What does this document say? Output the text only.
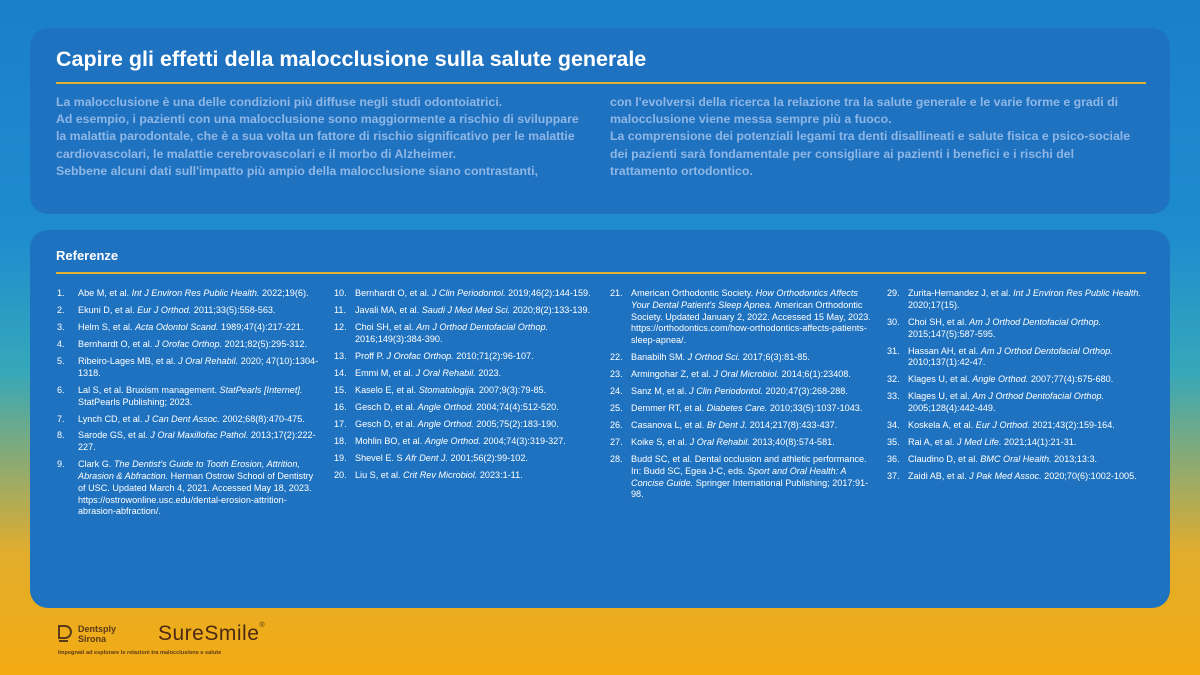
Capire gli effetti della malocclusione sulla salute generale

La malocclusione è una delle condizioni più diffuse negli studi odontoiatrici.

Ad esempio, i pazienti con una malocclusione sono maggiormente a rischio di sviluppare la malattia parodontale, che è a sua volta un fattore di rischio significativo per le malattie cardiovascolari, le malattie cerebrovascolari e il morbo di Alzheimer.

Sebbene alcuni dati sull'impatto più ampio della malocclusione siano contrastanti,

con l'evolversi della ricerca la relazione tra la salute generale e le varie forme e gradi di malocclusione viene messa sempre più a fuoco.

La comprensione dei potenziali legami tra denti disallineati e salute fisica e psico-sociale dei pazienti sarà fondamentale per consigliare ai pazienti i benefici e i rischi del trattamento ortodontico.

Referenze
1.	Abe M, et al. Int J Environ Res Public Health. 2022;19(6).
2.	Ekuni D, et al. Eur J Orthod. 2011;33(5):558-563.
3.	Helm S, et al. Acta Odontol Scand. 1989;47(4):217-221.
4.	Bernhardt O, et al. J Orofac Orthop. 2021;82(5):295-312.
5.	Ribeiro-Lages MB, et al. J Oral Rehabil. 2020; 47(10):1304-1318.
6.	Lal S, et al. Bruxism management. StatPearls [Internet]. StatPearls Publishing; 2023.
7.	Lynch CD, et al. J Can Dent Assoc. 2002;68(8):470-475.
8.	Sarode GS, et al. J Oral Maxillofac Pathol. 2013;17(2):222-227.
9.	Clark G. The Dentist's Guide to Tooth Erosion, Attrition, Abrasion & Abfraction. Herman Ostrow School of Dentistry of USC. Updated March 4, 2021. Accessed May 18, 2023. https://ostrowonline.usc.edu/dental-erosion-attrition-abrasion-abfraction/.
10. Bernhardt O, et al. J Clin Periodontol. 2019;46(2):144-159.
11. Javali MA, et al. Saudi J Med Med Sci. 2020;8(2):133-139.
12. Choi SH, et al. Am J Orthod Dentofacial Orthop. 2016;149(3):384-390.
13. Proff P. J Orofac Orthop. 2010;71(2):96-107.
14. Emmi M, et al. J Oral Rehabil. 2023.
15. Kaselo E, et al. Stomatologija. 2007;9(3):79-85.
16. Gesch D, et al. Angle Orthod. 2004;74(4):512-520.
17. Gesch D, et al. Angle Orthod. 2005;75(2):183-190.
18. Mohlin BO, et al. Angle Orthod. 2004;74(3):319-327.
19. Shevel E. S Afr Dent J. 2001;56(2):99-102.
20. Liu S, et al. Crit Rev Microbiol. 2023:1-11.
21. American Orthodontic Society. How Orthodontics Affects Your Dental Patient's Sleep Apnea. American Orthodontic Society. Updated January 2, 2022. Accessed 15 May, 2023. https://orthodontics.com/how-orthodontics-affects-patients-sleep-apnea/.
22. Banabilh SM. J Orthod Sci. 2017;6(3):81-85.
23. Armingohar Z, et al. J Oral Microbiol. 2014;6(1):23408.
24. Sanz M, et al. J Clin Periodontol. 2020;47(3):268-288.
25. Demmer RT, et al. Diabetes Care. 2010;33(5):1037-1043.
26. Casanova L, et al. Br Dent J. 2014;217(8):433-437.
27. Koike S, et al. J Oral Rehabil. 2013;40(8):574-581.
28. Budd SC, et al. Dental occlusion and athletic performance. In: Budd SC, Egea J-C, eds. Sport and Oral Health: A Concise Guide. Springer International Publishing; 2017:91-98.
29. Zurita-Hernandez J, et al. Int J Environ Res Public Health. 2020;17(15).
30. Choi SH, et al. Am J Orthod Dentofacial Orthop. 2015;147(5):587-595.
31. Hassan AH, et al. Am J Orthod Dentofacial Orthop. 2010;137(1):42-47.
32. Klages U, et al. Angle Orthod. 2007;77(4):675-680.
33. Klages U, et al. Am J Orthod Dentofacial Orthop. 2005;128(4):442-449.
34. Koskela A, et al. Eur J Orthod. 2021;43(2):159-164.
35. Rai A, et al. J Med Life. 2021;14(1):21-31.
36. Claudino D, et al. BMC Oral Health. 2013;13:3.
37. Zaidi AB, et al. J Pak Med Assoc. 2020;70(6):1002-1005.
Dentsply
Sirona	SureSmile®
Impegnati ad esplorare le relazioni tra malocclusione e salute
